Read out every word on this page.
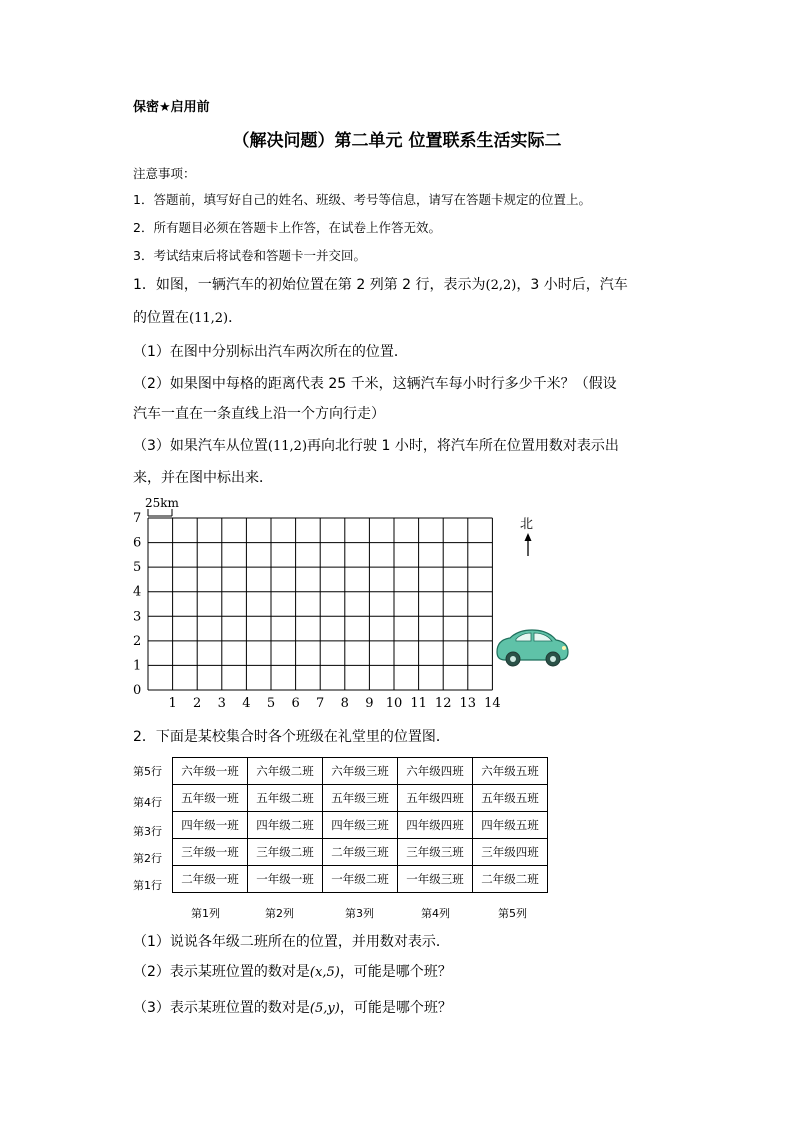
保密★启用前
（解决问题）第二单元 位置联系生活实际二
注意事项：
1．答题前，填写好自己的姓名、班级、考号等信息，请写在答题卡规定的位置上。
2．所有题目必须在答题卡上作答，在试卷上作答无效。
3．考试结束后将试卷和答题卡一并交回。
1．如图，一辆汽车的初始位置在第 2 列第 2 行，表示为(2,2)，3 小时后，汽车
的位置在(11,2)．
（1）在图中分别标出汽车两次所在的位置．
（2）如果图中每格的距离代表 25 千米，这辆汽车每小时行多少千米？（假设
汽车一直在一条直线上沿一个方向行走）
（3）如果汽车从位置(11,2)再向北行驶 1 小时，将汽车所在位置用数对表示出
来，并在图中标出来．
25km
0
1
2
3
4
5
6
7
1 2 3 4 5 6 7 8 9 10 11 12 13 14
北
2．下面是某校集合时各个班级在礼堂里的位置图．
第5行
第4行
第3行
第2行
第1行
六年级一班	六年级二班	六年级三班	六年级四班	六年级五班
五年级一班	五年级二班	五年级三班	五年级四班	五年级五班
四年级一班	四年级二班	四年级三班	四年级四班	四年级五班
三年级一班	三年级二班	二年级三班	三年级三班	三年级四班
二年级一班	一年级一班	一年级二班	一年级三班	二年级二班
第1列	第2列	第3列	第4列	第5列
（1）说说各年级二班所在的位置，并用数对表示．
（2）表示某班位置的数对是(x,5)，可能是哪个班？
（3）表示某班位置的数对是(5,y)，可能是哪个班？
